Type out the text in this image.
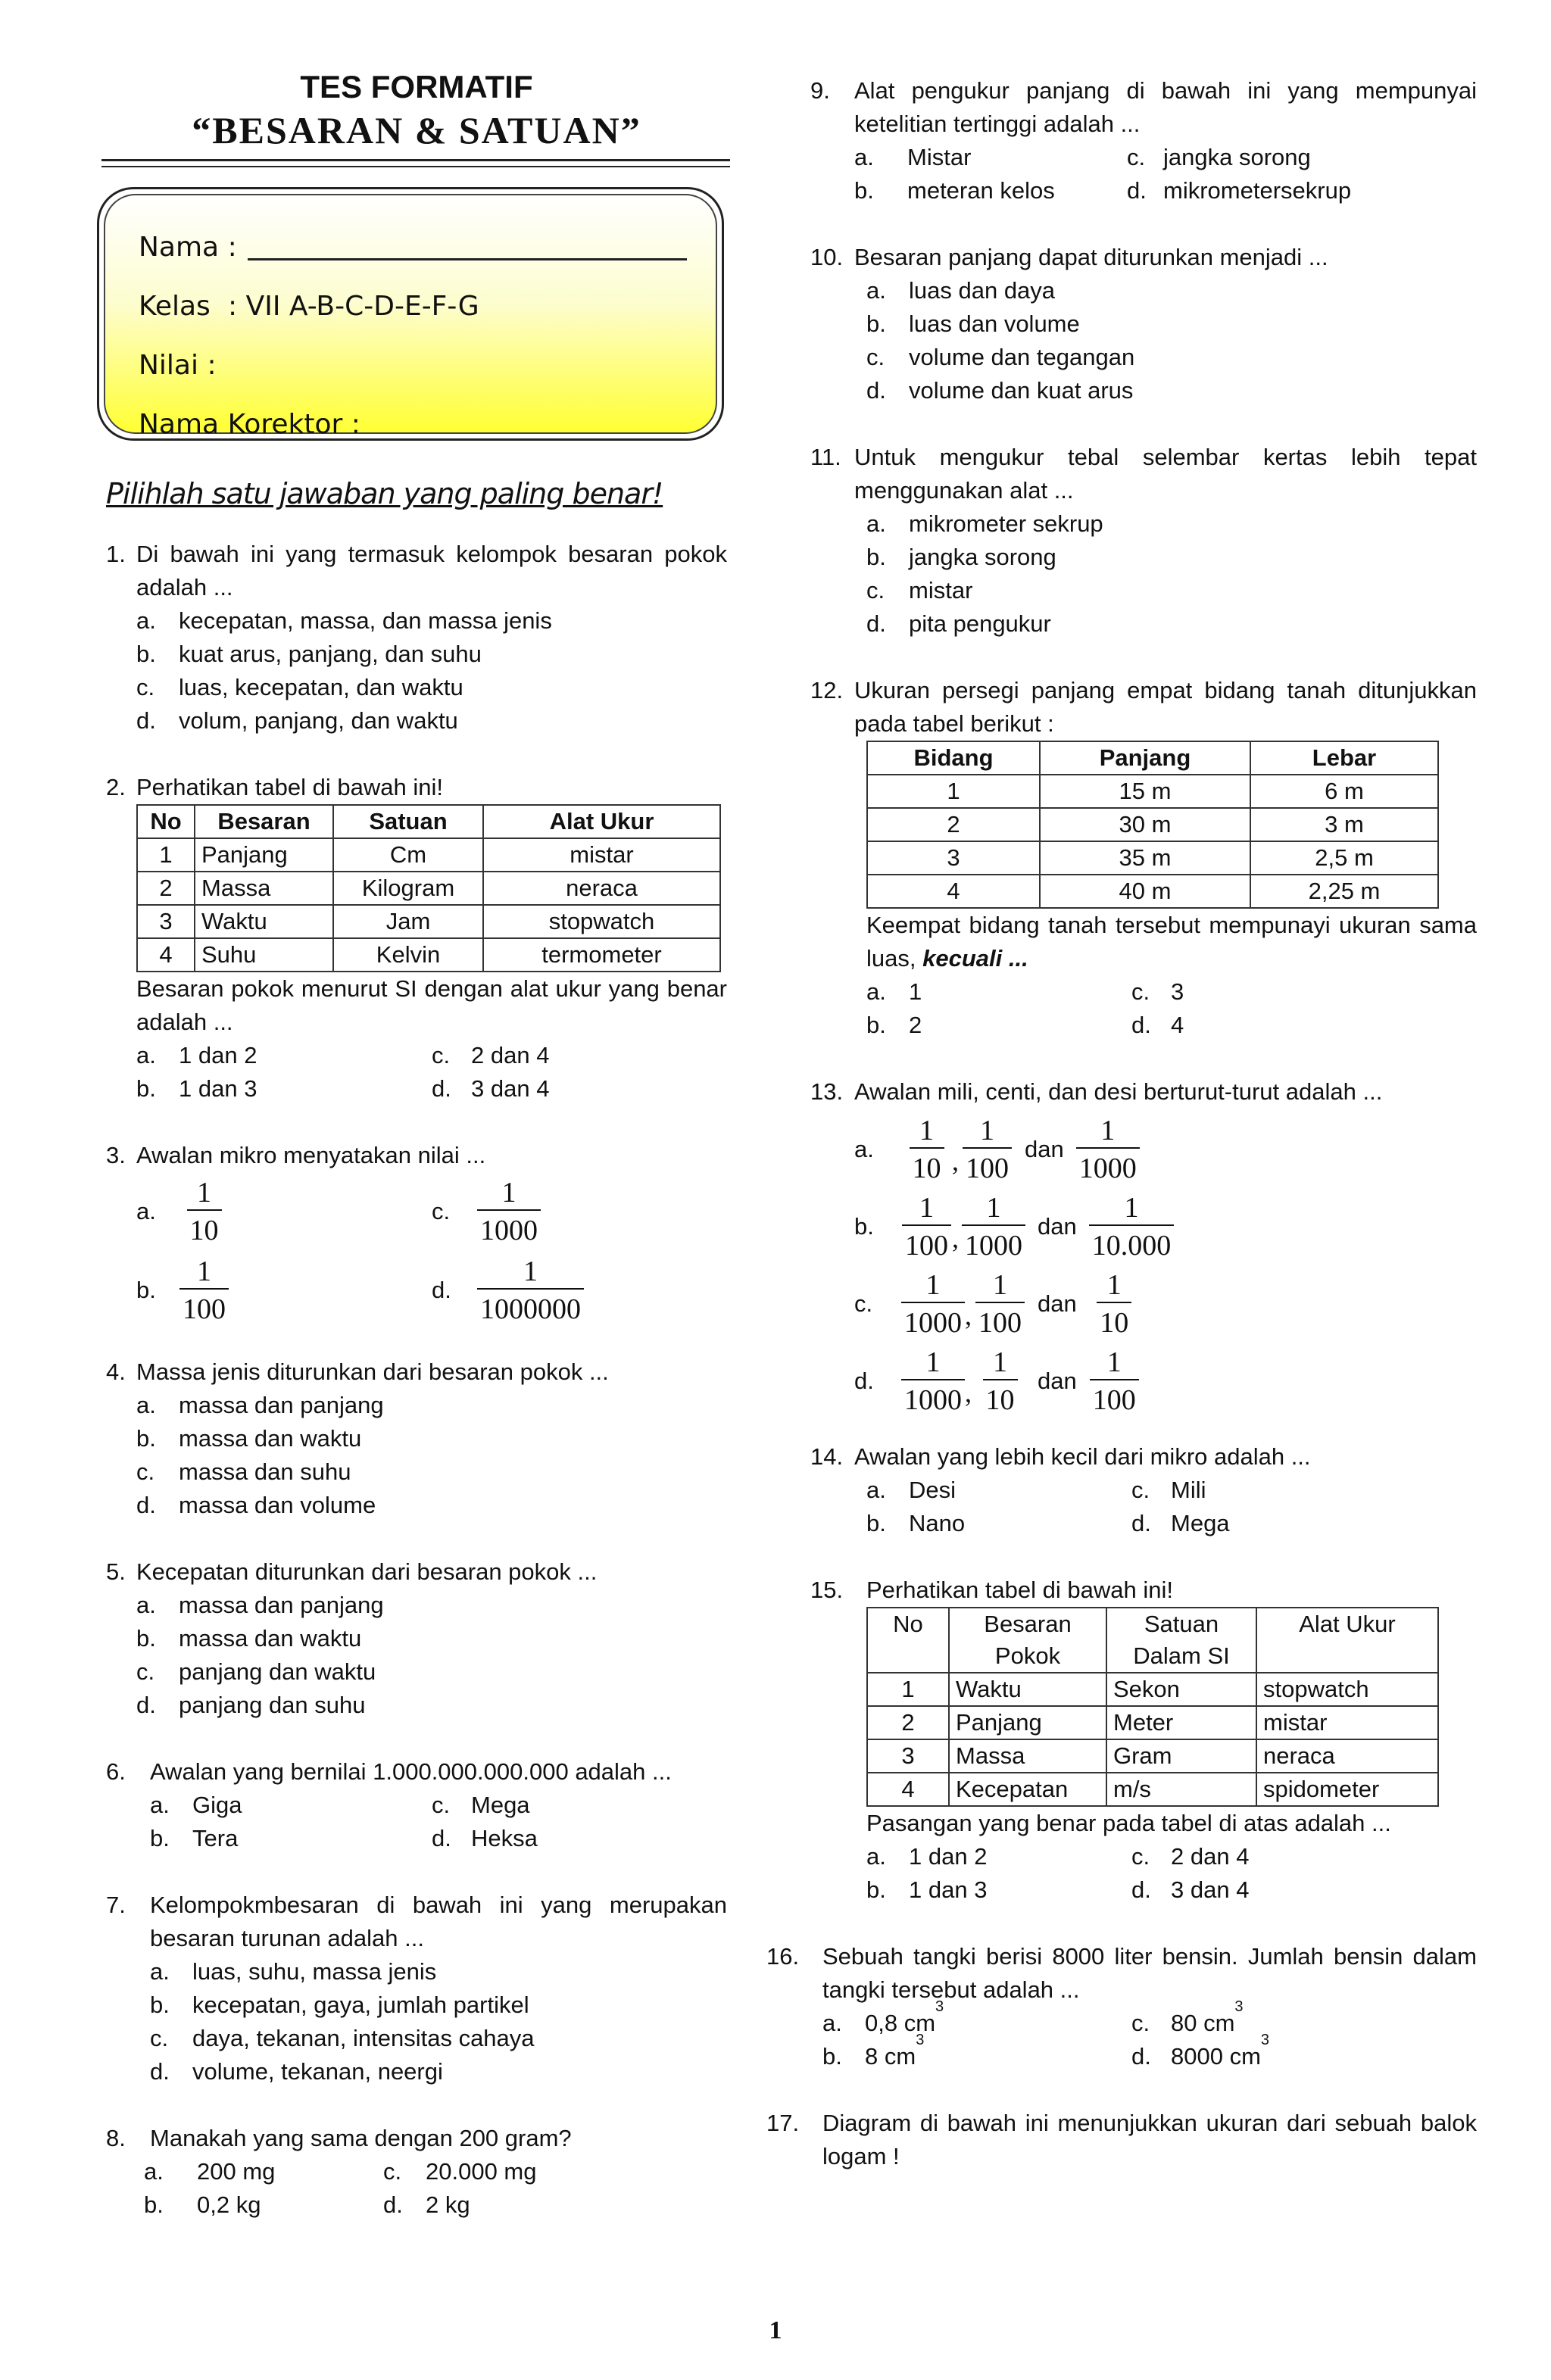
TES FORMATIF
“BESARAN & SATUAN”
Nama :
Kelas : VII A-B-C-D-E-F-G
Nilai :
Nama Korektor :
Pilihlah satu jawaban yang paling benar!
1. Di bawah ini yang termasuk kelompok besaran pokok adalah ...
a. kecepatan, massa, dan massa jenis
b. kuat arus, panjang, dan suhu
c.	luas, kecepatan, dan waktu
d. volum, panjang, dan waktu
2. Perhatikan tabel di bawah ini!
No	Besaran	Satuan	Alat Ukur
1	Panjang	Cm	mistar
2	Massa	Kilogram	neraca
3	Waktu	Jam	stopwatch
4	Suhu	Kelvin	termometer
Besaran pokok menurut SI dengan alat ukur yang benar adalah ...
a. 1 dan 2	c. 2 dan 4
b. 1 dan 3	d. 3 dan 4
3. Awalan mikro menyatakan nilai ...
a. $\frac{1}{10}$	c. $\frac{1}{1000}$
b. $\frac{1}{100}$	d. $\frac{1}{1000000}$
4. Massa jenis diturunkan dari besaran pokok ...
a. massa dan panjang
b. massa dan waktu
c.	massa dan suhu
d. massa dan volume
5. Kecepatan diturunkan dari besaran pokok ...
a. massa dan panjang
b. massa dan waktu
c.	panjang dan waktu
d. panjang dan suhu
6.	Awalan yang bernilai 1.000.000.000.000 adalah ...
a. Giga	c. Mega
b. Tera	d. Heksa
7.	Kelompokmbesaran di bawah ini yang merupakan besaran turunan adalah ...
a. luas, suhu, massa jenis
b. kecepatan, gaya, jumlah partikel
c.	daya, tekanan, intensitas cahaya
d. volume, tekanan, neergi
8.	Manakah yang sama dengan 200 gram?
a.	200 mg	c.	20.000 mg
b.	0,2 kg	d. 2 kg
9.	Alat pengukur panjang di bawah ini yang mempunyai ketelitian tertinggi adalah ...
a.	Mistar	c. jangka sorong
b.	meteran kelos	d. mikrometersekrup
10. Besaran panjang dapat diturunkan menjadi ...
a. luas dan daya
b. luas dan volume
c.	volume dan tegangan
d. volume dan kuat arus
11. Untuk mengukur tebal selembar kertas lebih tepat menggunakan alat ...
a. mikrometer sekrup
b. jangka sorong
c.	mistar
d. pita pengukur
12. Ukuran persegi panjang empat bidang tanah ditunjukkan pada tabel berikut :
Bidang	Panjang	Lebar
1	15 m	6 m
2	30 m	3 m
3	35 m	2,5 m
4	40 m	2,25 m
Keempat bidang tanah tersebut mempunayi ukuran sama luas, kecuali ...
a. 1	c. 3
b. 2	d. 4
13. Awalan mili, centi, dan desi berturut-turut adalah ...
a. $\frac{1}{10}$ , $\frac{1}{100}$ dan $\frac{1}{1000}$
b. $\frac{1}{100}$ , $\frac{1}{1000}$ dan $\frac{1}{10.000}$
c. $\frac{1}{1000}$ , $\frac{1}{100}$ dan $\frac{1}{10}$
d. $\frac{1}{1000}$ , $\frac{1}{10}$ dan $\frac{1}{100}$
14. Awalan yang lebih kecil dari mikro adalah ...
a. Desi	c. Mili
b. Nano	d. Mega
15. Perhatikan tabel di bawah ini!
No	Besaran Pokok	Satuan Dalam SI	Alat Ukur
1	Waktu	Sekon	stopwatch
2	Panjang	Meter	mistar
3	Massa	Gram	neraca
4	Kecepatan	m/s	spidometer
Pasangan yang benar pada tabel di atas adalah ...
a. 1 dan 2	c. 2 dan 4
b. 1 dan 3	d. 3 dan 4
16. Sebuah tangki berisi 8000 liter bensin. Jumlah bensin dalam tangki tersebut adalah ...
a. 0,8 cm
3
c. 80 cm
3
b. 8 cm
3
d. 8000 cm
3
17. Diagram di bawah ini menunjukkan ukuran dari sebuah balok logam !
1
